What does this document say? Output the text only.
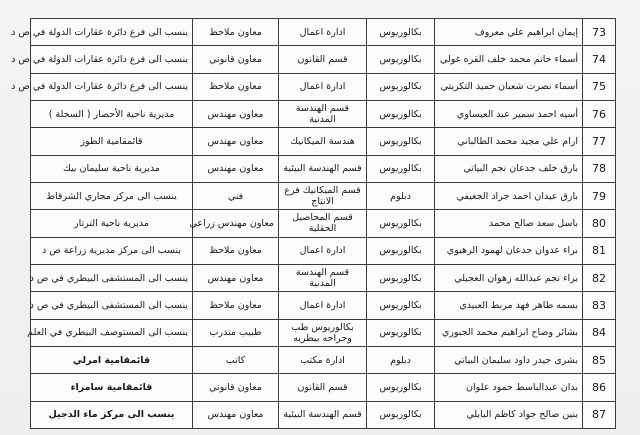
73	إيمان ابراهيم علي معروف	بكالوريوس	ادارة اعمال	معاون ملاحظ	ينسب الى فرع دائرة عقارات الدولة في ص د
74	أسماء حاتم محمد خلف القره غولي	بكالوريوس	قسم القانون	معاون قانوني	ينسب الى فرع دائرة عقارات الدولة في ص د
75	أسماء نصرت شعبان حميد التكريتي	بكالوريوس	ادارة اعمال	معاون ملاحظ	ينسب الى فرع دائرة عقارات الدولة في ص د
76	أسيه احمد سمير عبد العيساوي	بكالوريوس	قسم الهندسة المدنية	معاون مهندس	مديرية ناحية الأحصار ( السجلة )
77	ارام علي مجيد محمد الطالباني	بكالوريوس	هندسة الميكانيك	معاون مهندس	قائمقامية الطوز
78	بارق خلف جدعان نجم البياتي	بكالوريوس	قسم الهندسة البيئية	معاون مهندس	مديرية ناحية سليمان بيك
79	بارق عيدان احمد جراد الجغيفي	دبلوم	قسم الميكانيك فرع الانتاج	فني	ينسب الى مركز مجاري الشرقاط
80	باسل سعد صالح محمد	بكالوريوس	قسم المحاصيل الحقلية	معاون مهندس زراعي	مديرية ناحية الترتار
81	براء عدوان جدعان لهمود الرهيوي	بكالوريوس	ادارة اعمال	معاون ملاحظ	ينسب الى مركز مديرية زراعة ص د
82	براء نجم عبدالله زهوان العجيلي	بكالوريوس	قسم الهندسة المدنية	معاون مهندس	ينسب الى المستشفى البيطري في ص د
83	بسمه طاهر فهد مربط العبيدي	بكالوريوس	ادارة اعمال	معاون ملاحظ	ينسب الى المستشفى البيطري في ص د
84	بشائر وضاح ابراهيم محمد الجبوري	بكالوريوس	بكالوريوس طب وجراحه بيطريه	طبيب متدرب	ينسب الى المستوصف البيطري في العلم
85	بشرى حيدر داود سليمان البياتي	دبلوم	ادارة مكتب	كاتب	قائمقامية امرلي
86	بدان عبدالباسط حمود علوان	بكالوريوس	قسم القانون	معاون قانوني	قائمقامية سامراء
87	بنين صالح جواد كاظم البابلي	بكالوريوس	قسم الهندسة البيئية	معاون مهندس	ينسب الى مركز ماء الدجيل
